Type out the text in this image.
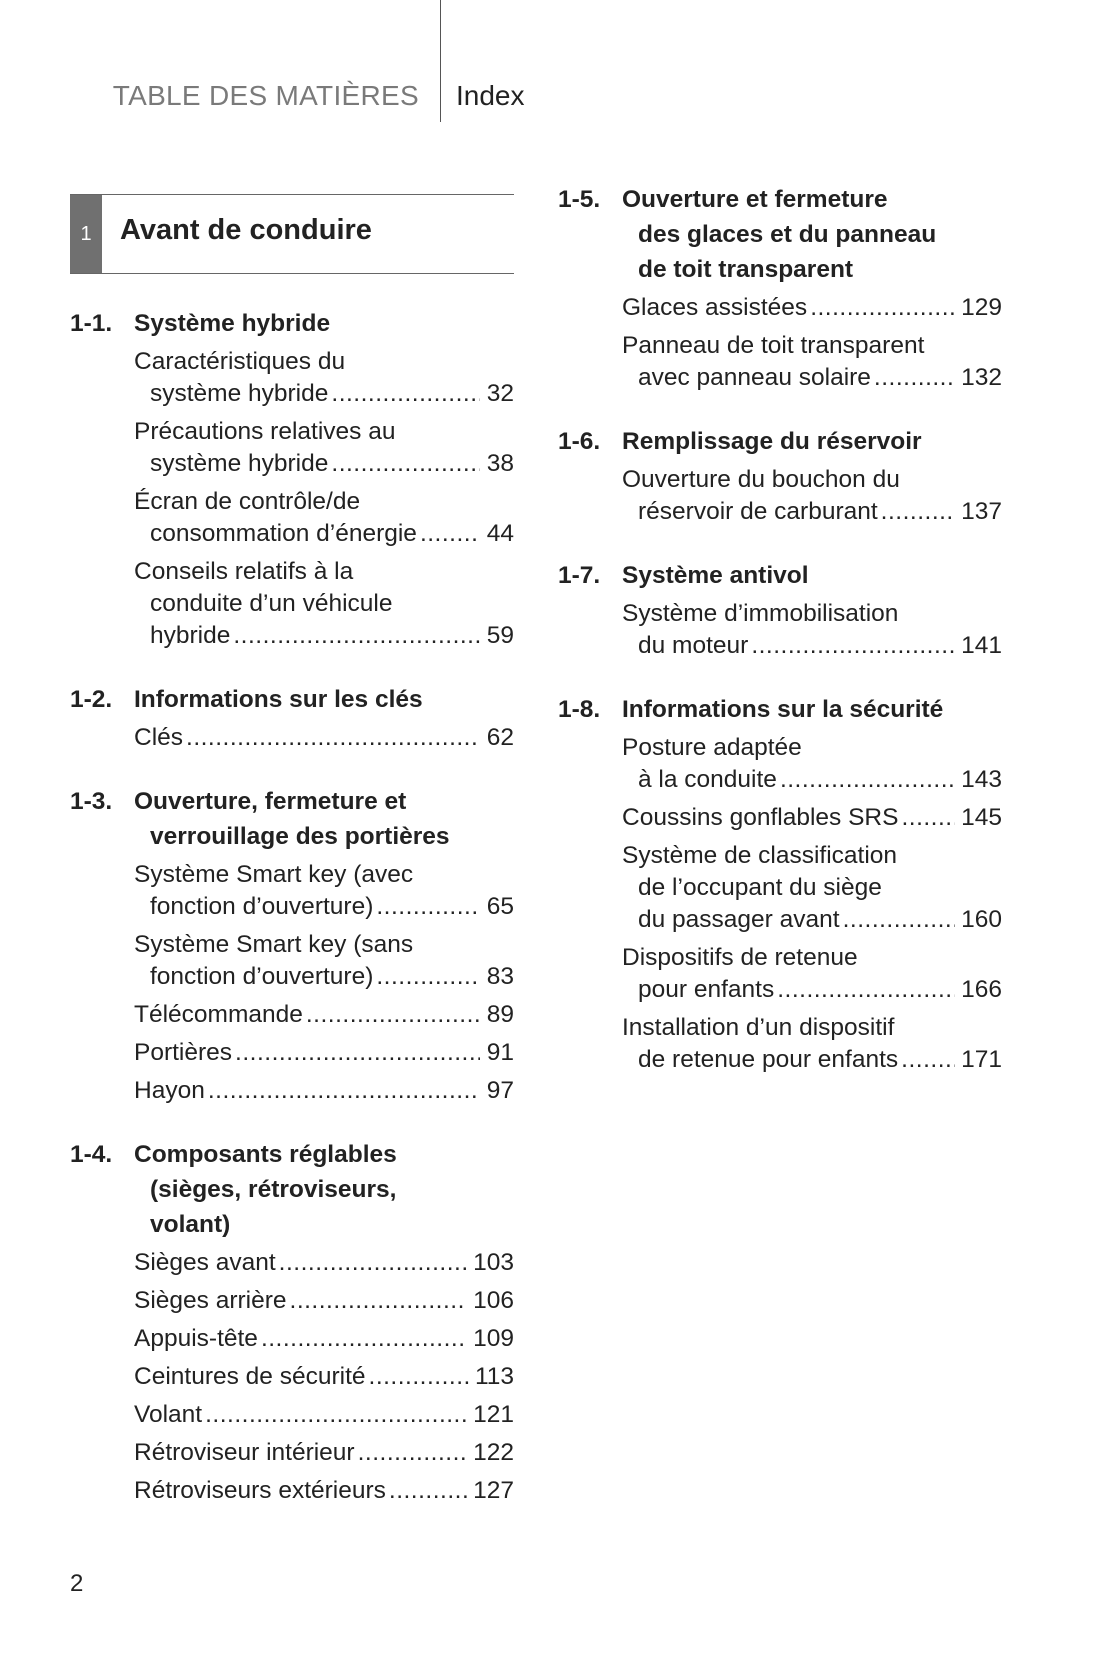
TABLE DES MATIÈRES Index
1 Avant de conduire
1-1. Système hybride
Caractéristiques du
système hybride .....	32
Précautions relatives au
système hybride .....	38
Écran de contrôle/de
consommation d’énergie .....	44
Conseils relatifs à la
conduite d’un véhicule
hybride .....	59
1-2. Informations sur les clés
Clés .....	62
1-3. Ouverture, fermeture et
verrouillage des portières
Système Smart key (avec
fonction d’ouverture) .....	65
Système Smart key (sans
fonction d’ouverture) .....	83
Télécommande .....	89
Portières .....	91
Hayon .....	97
1-4. Composants réglables
(sièges, rétroviseurs,
volant)
Sièges avant .....	103
Sièges arrière .....	106
Appuis-tête .....	109
Ceintures de sécurité .....	113
Volant .....	121
Rétroviseur intérieur .....	122
Rétroviseurs extérieurs .....	127
1-5. Ouverture et fermeture
des glaces et du panneau
de toit transparent
Glaces assistées .....	129
Panneau de toit transparent
avec panneau solaire .....	132
1-6. Remplissage du réservoir
Ouverture du bouchon du
réservoir de carburant .....	137
1-7. Système antivol
Système d’immobilisation
du moteur .....	141
1-8. Informations sur la sécurité
Posture adaptée
à la conduite .....	143
Coussins gonflables SRS .....	145
Système de classification
de l’occupant du siège
du passager avant .....	160
Dispositifs de retenue
pour enfants .....	166
Installation d’un dispositif
de retenue pour enfants .....	171
2
